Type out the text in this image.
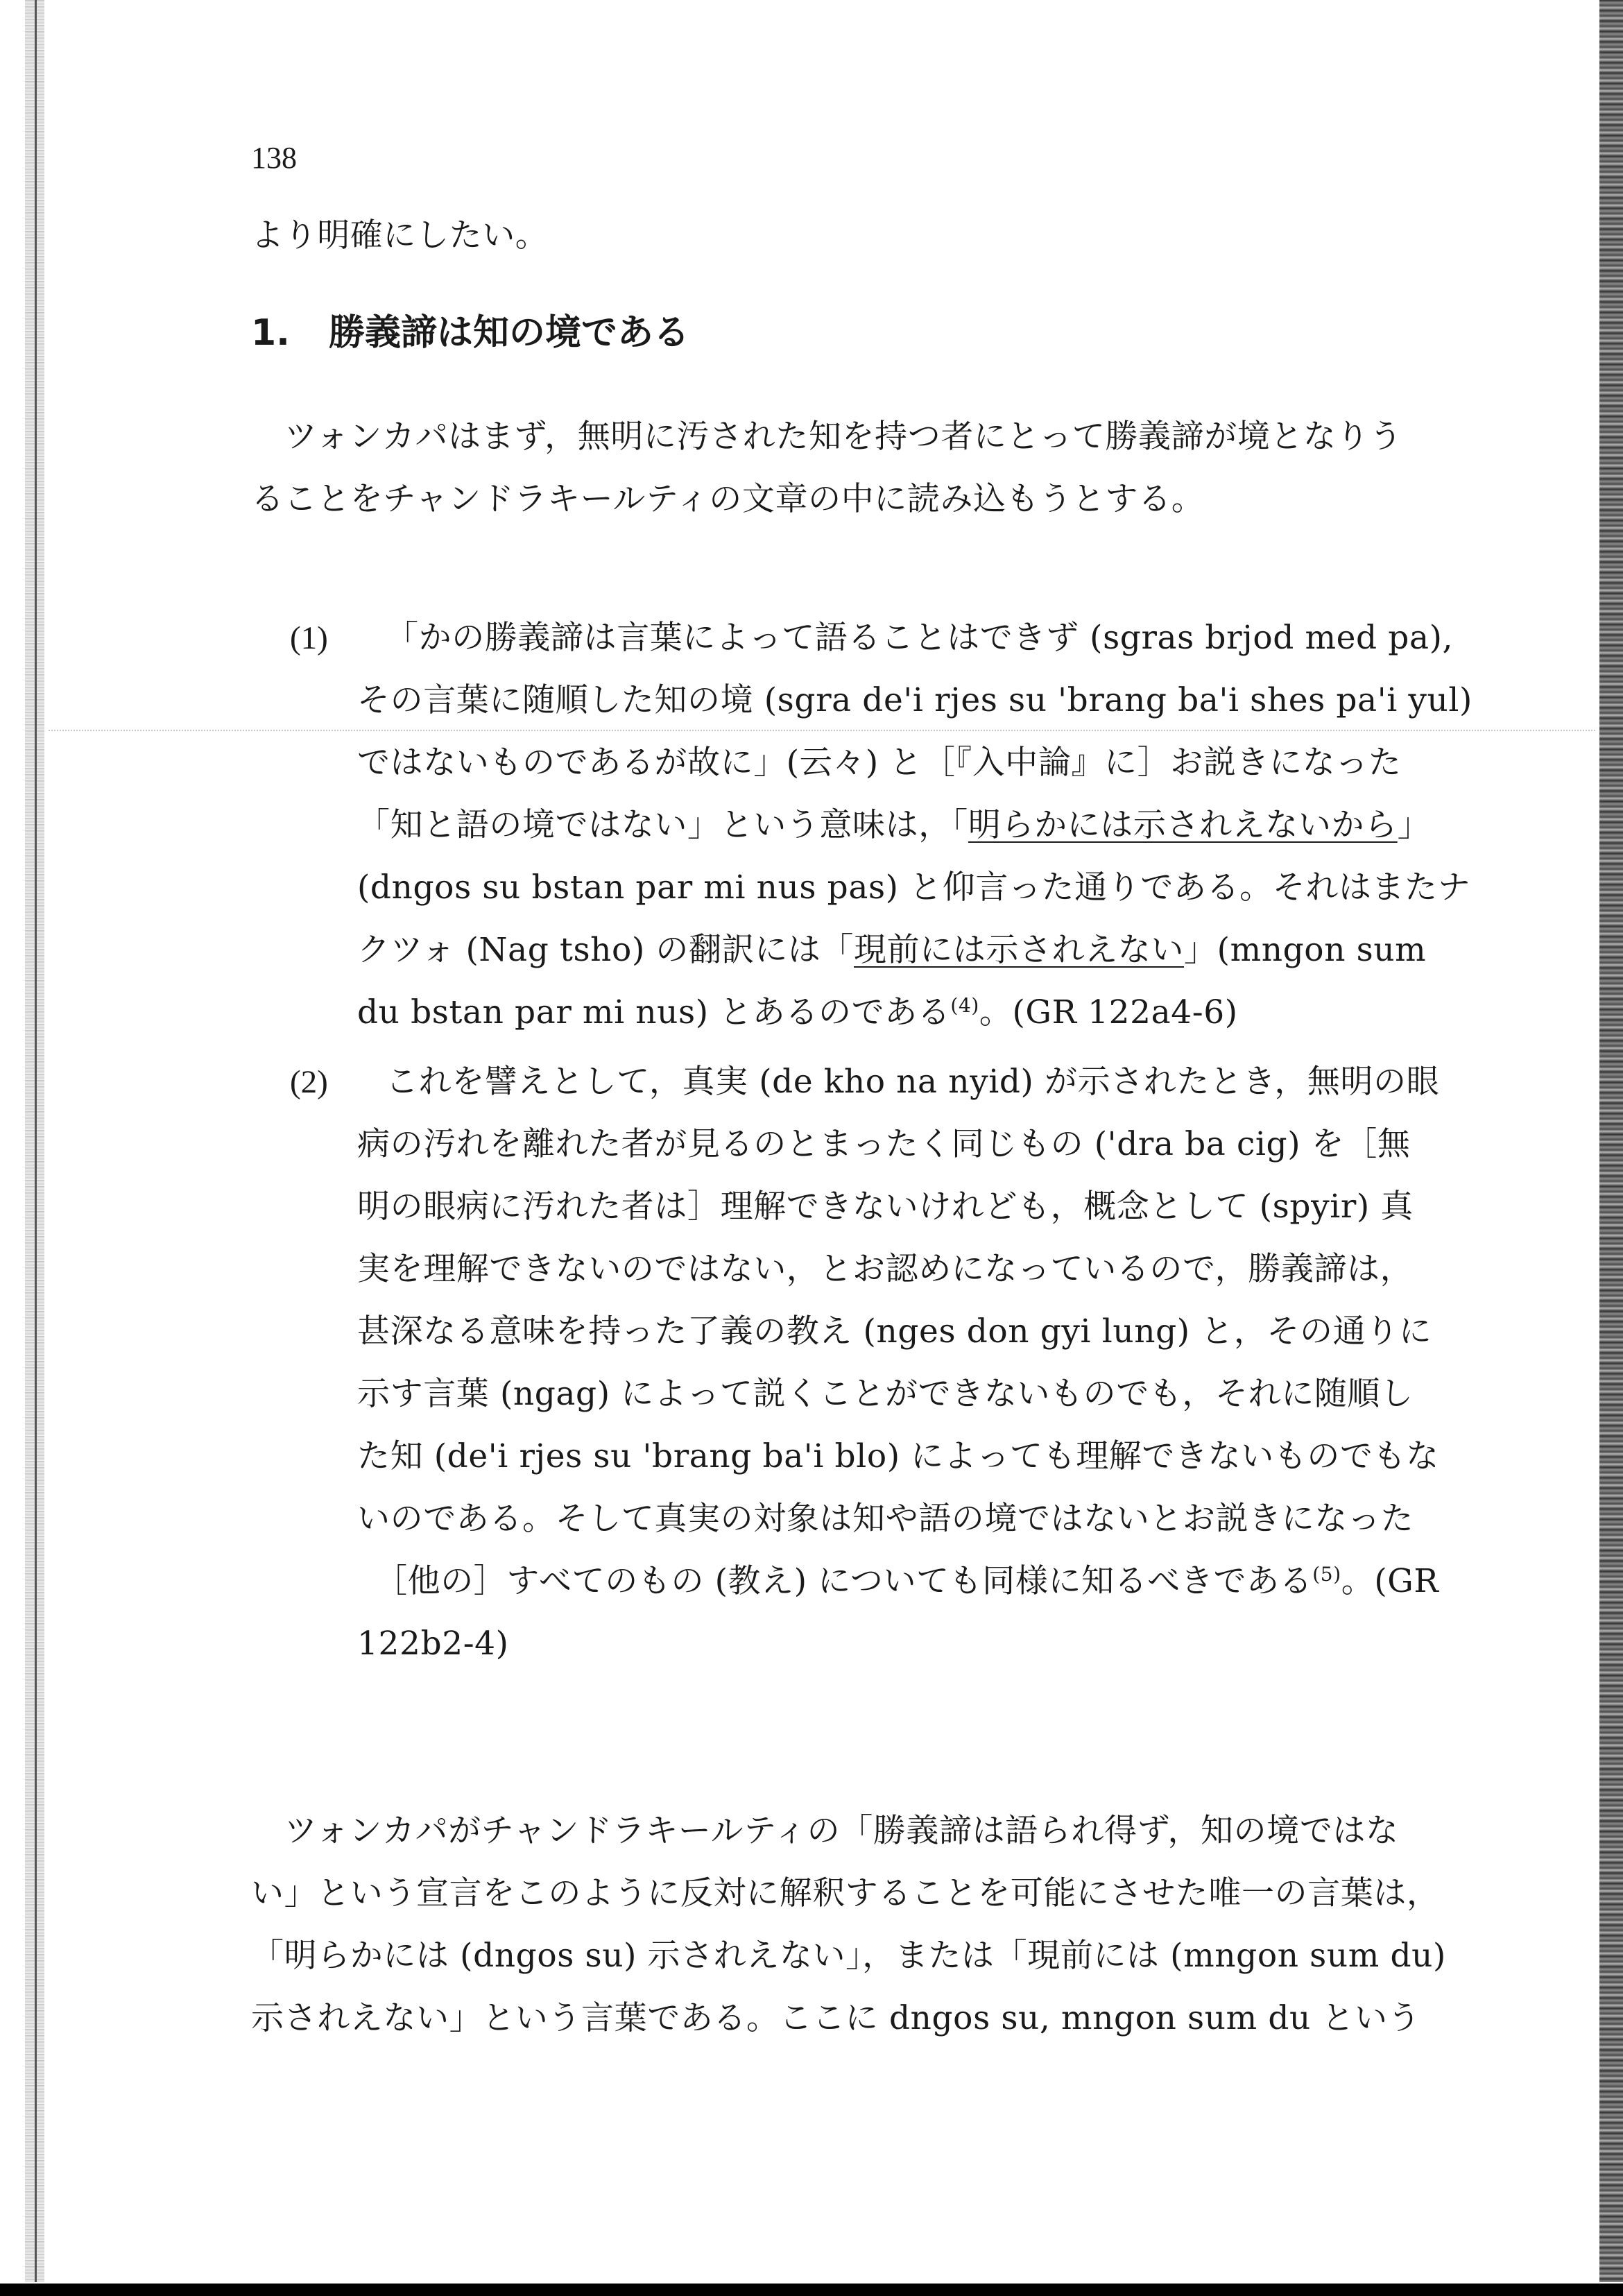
138
より明確にしたい。
1. 勝義諦は知の境である
ツォンカパはまず，無明に汚された知を持つ者にとって勝義諦が境となりう
ることをチャンドラキールティの文章の中に読み込もうとする。
(1) 「かの勝義諦は言葉によって語ることはできず (sgras brjod med pa),
その言葉に随順した知の境 (sgra de'i rjes su 'brang ba'i shes pa'i yul)
ではないものであるが故に」(云々) と［『入中論』に］お説きになった
「知と語の境ではない」という意味は，「明らかには示されえないから」
(dngos su bstan par mi nus pas) と仰言った通りである。それはまたナ
クツォ (Nag tsho) の翻訳には「現前には示されえない」(mngon sum
du bstan par mi nus) とあるのである$^{(4)}$。(GR 122a4-6)
(2) これを譬えとして，真実 (de kho na nyid) が示されたとき，無明の眼
病の汚れを離れた者が見るのとまったく同じもの ('dra ba cig) を［無
明の眼病に汚れた者は］理解できないけれども，概念として (spyir) 真
実を理解できないのではない，とお認めになっているので，勝義諦は，
甚深なる意味を持った了義の教え (nges don gyi lung) と，その通りに
示す言葉 (ngag) によって説くことができないものでも，それに随順し
た知 (de'i rjes su 'brang ba'i blo) によっても理解できないものでもな
いのである。そして真実の対象は知や語の境ではないとお説きになった
［他の］すべてのもの (教え) についても同様に知るべきである$^{(5)}$。(GR
122b2-4)
ツォンカパがチャンドラキールティの「勝義諦は語られ得ず，知の境ではな
い」という宣言をこのように反対に解釈することを可能にさせた唯一の言葉は，
「明らかには (dngos su) 示されえない」，または「現前には (mngon sum du)
示されえない」という言葉である。ここに dngos su, mngon sum du という
